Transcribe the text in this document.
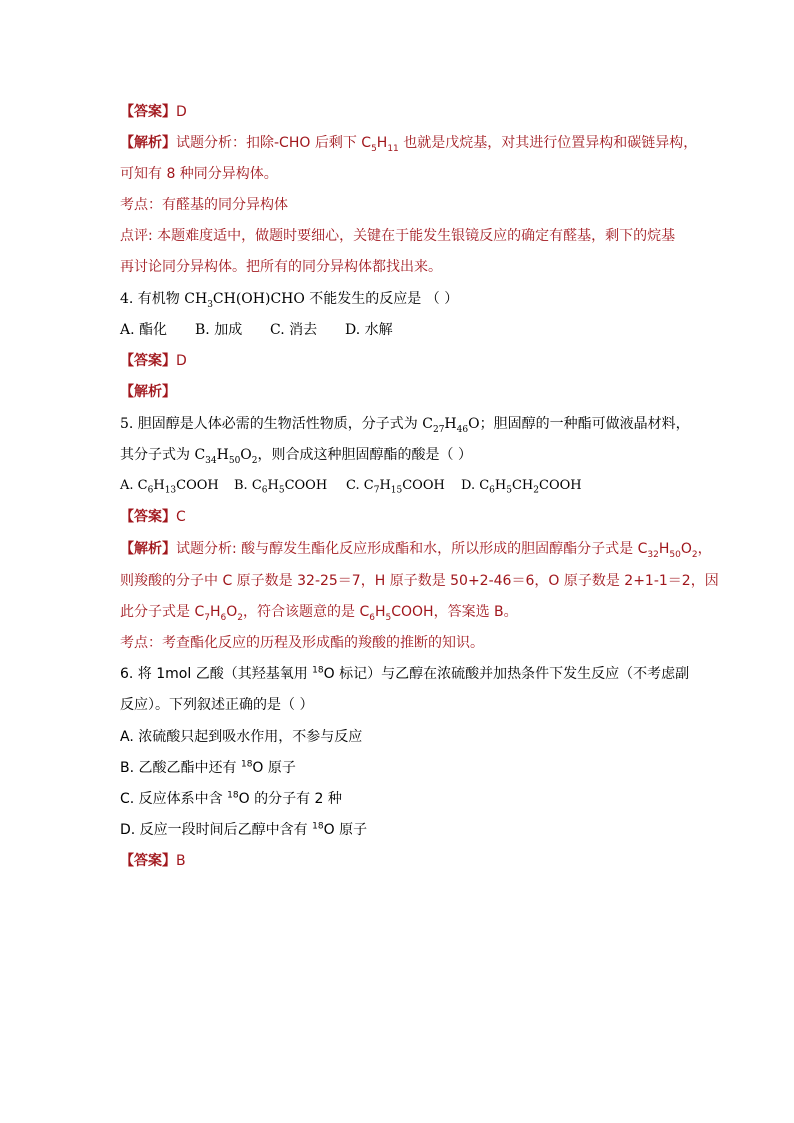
【答案】D
【解析】试题分析：扣除-CHO 后剩下 $C_5H_{11}$ 也就是戊烷基，对其进行位置异构和碳链异构，
可知有 8 种同分异构体。
考点：有醛基的同分异构体
点评: 本题难度适中，做题时要细心，关键在于能发生银镜反应的确定有醛基，剩下的烷基
再讨论同分异构体。把所有的同分异构体都找出来。
4. 有机物 $CH_3CH(OH)CHO$ 不能发生的反应是 （ ）
A. 酯化 B. 加成 C. 消去 D. 水解
【答案】D
【解析】
5. 胆固醇是人体必需的生物活性物质，分子式为 $C_{27}H_{46}O$；胆固醇的一种酯可做液晶材料，
其分子式为 $C_{34}H_{50}O_2$，则合成这种胆固醇酯的酸是（ ）
A. $C_6H_{13}COOH$ B. $C_6H_5COOH$ C. $C_7H_{15}COOH$ D. $C_6H_5CH_2COOH$
【答案】C
【解析】试题分析: 酸与醇发生酯化反应形成酯和水，所以形成的胆固醇酯分子式是 $C_{32}H_{50}O_2$，
则羧酸的分子中 C 原子数是 32-25＝7，H 原子数是 50+2-46＝6，O 原子数是 2+1-1＝2，因
此分子式是 $C_7H_6O_2$，符合该题意的是 $C_6H_5COOH$，答案选 B。
考点：考查酯化反应的历程及形成酯的羧酸的推断的知识。
6. 将 1mol 乙酸（其羟基氧用 $^{18}$O 标记）与乙醇在浓硫酸并加热条件下发生反应（不考虑副
反应）。下列叙述正确的是（ ）
A. 浓硫酸只起到吸水作用，不参与反应
B. 乙酸乙酯中还有 $^{18}$O 原子
C. 反应体系中含 $^{18}$O 的分子有 2 种
D. 反应一段时间后乙醇中含有 $^{18}$O 原子
【答案】B
